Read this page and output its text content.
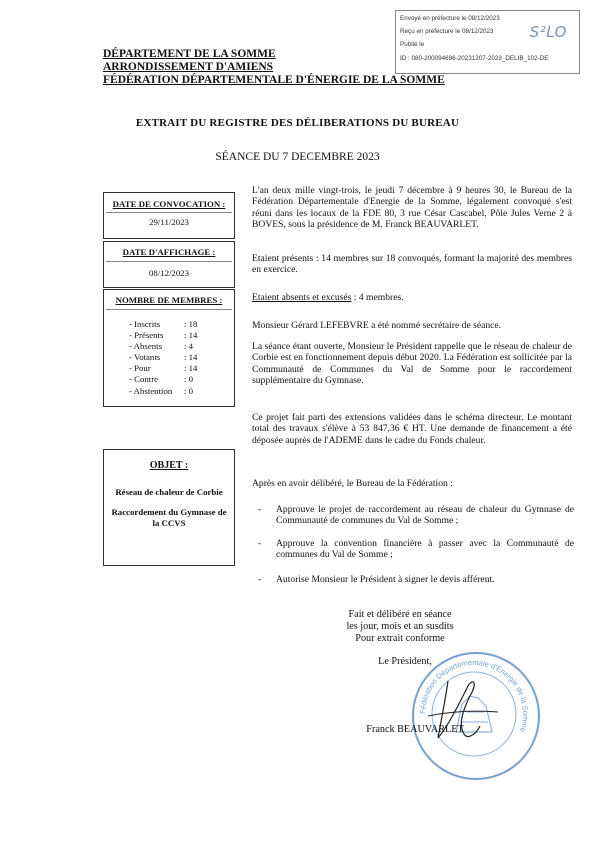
Envoyé en préfecture le 08/12/2023
Reçu en préfecture le 08/12/2023
Publié le
ID : 080-200094696-20231207-2023_DELIB_102-DE
S²LO
DÉPARTEMENT DE LA SOMME
ARRONDISSEMENT D'AMIENS
FÉDÉRATION DÉPARTEMENTALE D'ÉNERGIE DE LA SOMME
EXTRAIT DU REGISTRE DES DÉLIBERATIONS DU BUREAU
SÉANCE DU 7 DECEMBRE 2023
DATE DE CONVOCATION :
29/11/2023
DATE D'AFFICHAGE :
08/12/2023
NOMBRE DE MEMBRES :
- Inscrits	: 18
- Présents	: 14
- Absents	: 4
- Votants	: 14
- Pour	: 14
- Contre	: 0
- Abstention	: 0
OBJET :
Réseau de chaleur de Corbie
Raccordement du Gymnase de la CCVS
L'an deux mille vingt-trois, le jeudi 7 décembre à 9 heures 30, le Bureau de la Fédération Départementale d'Energie de la Somme, légalement convoqué s'est réuni dans les locaux de la FDE 80, 3 rue César Cascabel, Pôle Jules Verne 2 à BOVES, sous la présidence de M. Franck BEAUVARLET.
Etaient présents : 14 membres sur 18 convoqués, formant la majorité des membres en exercice.
Etaient absents et excusés : 4 membres.
Monsieur Gérard LEFEBVRE a été nommé secrétaire de séance.
La séance étant ouverte, Monsieur le Président rappelle que le réseau de chaleur de Corbie est en fonctionnement depuis début 2020. La Fédération est sollicitée par la Communauté de Communes du Val de Somme pour le raccordement supplémentaire du Gymnase.
Ce projet fait parti des extensions validées dans le schéma directeur. Le montant total des travaux s'élève à 53 847,36 € HT. Une demande de financement a été déposée auprès de l'ADEME dans le cadre du Fonds chaleur.
Après en avoir délibéré, le Bureau de la Fédération :
- Approuve le projet de raccordement au réseau de chaleur du Gymnase de Communauté de communes du Val de Somme ;
- Approuve la convention financière à passer avec la Communauté de communes du Val de Somme ;
- Autorise Monsieur le Président à signer le devis afférent.
Fait et délibéré en séance
les jour, mois et an susdits
Pour extrait conforme
Le Président,
Fédération Départementale d'Énergie de la Somme
Franck BEAUVARLET
